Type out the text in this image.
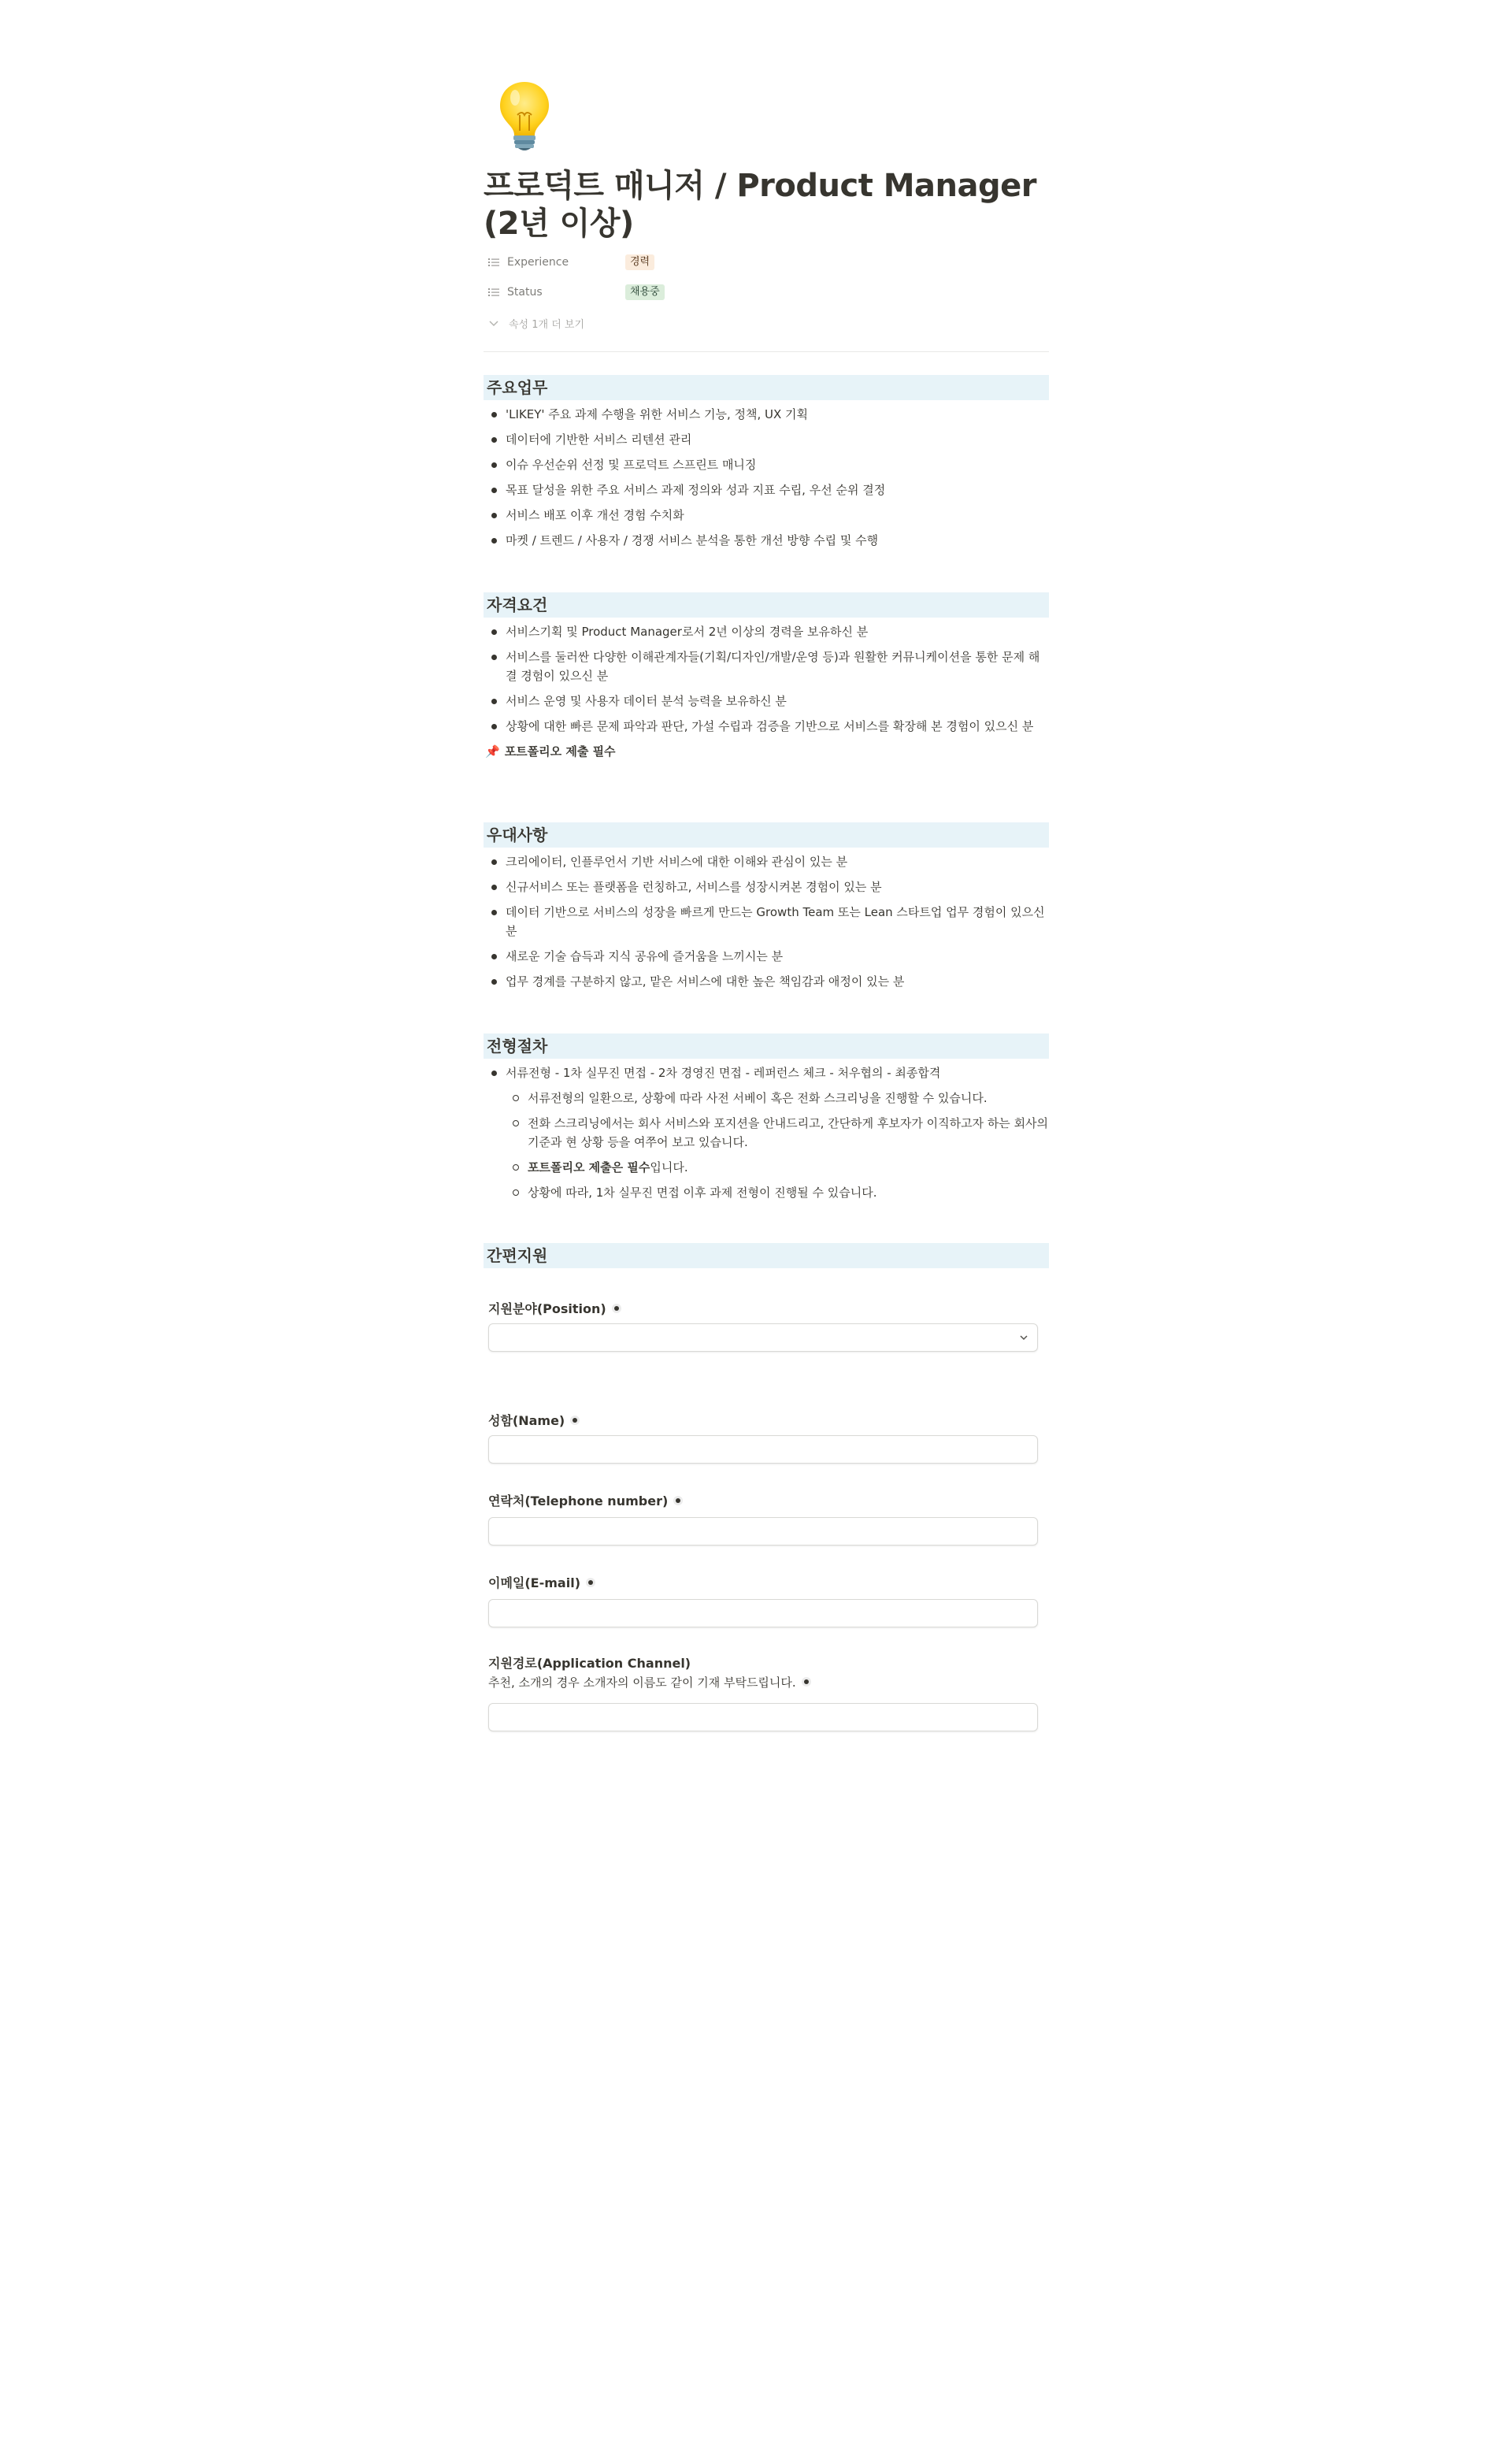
프로덕트 매니저 / Product Manager (2년 이상)
Experience	경력
Status	채용중
속성 1개 더 보기
주요업무
'LIKEY' 주요 과제 수행을 위한 서비스 기능, 정책, UX 기획
데이터에 기반한 서비스 리텐션 관리
이슈 우선순위 선정 및 프로덕트 스프린트 매니징
목표 달성을 위한 주요 서비스 과제 정의와 성과 지표 수립, 우선 순위 결정
서비스 배포 이후 개선 경험 수치화
마켓 / 트렌드 / 사용자 / 경쟁 서비스 분석을 통한 개선 방향 수립 및 수행
자격요건
서비스기획 및 Product Manager로서 2년 이상의 경력을 보유하신 분
서비스를 둘러싼 다양한 이해관계자들(기획/디자인/개발/운영 등)과 원활한 커뮤니케이션을 통한 문제 해결 경험이 있으신 분
서비스 운영 및 사용자 데이터 분석 능력을 보유하신 분
상황에 대한 빠른 문제 파악과 판단, 가설 수립과 검증을 기반으로 서비스를 확장해 본 경험이 있으신 분
📌 포트폴리오 제출 필수
우대사항
크리에이터, 인플루언서 기반 서비스에 대한 이해와 관심이 있는 분
신규서비스 또는 플랫폼을 런칭하고, 서비스를 성장시켜본 경험이 있는 분
데이터 기반으로 서비스의 성장을 빠르게 만드는 Growth Team 또는 Lean 스타트업 업무 경험이 있으신 분
새로운 기술 습득과 지식 공유에 즐거움을 느끼시는 분
업무 경계를 구분하지 않고, 맡은 서비스에 대한 높은 책임감과 애정이 있는 분
전형절차
서류전형 - 1차 실무진 면접 - 2차 경영진 면접 - 레퍼런스 체크 - 처우협의 - 최종합격
서류전형의 일환으로, 상황에 따라 사전 서베이 혹은 전화 스크리닝을 진행할 수 있습니다.
전화 스크리닝에서는 회사 서비스와 포지션을 안내드리고, 간단하게 후보자가 이직하고자 하는 회사의 기준과 현 상황 등을 여쭈어 보고 있습니다.
포트폴리오 제출은 필수입니다.
상황에 따라, 1차 실무진 면접 이후 과제 전형이 진행될 수 있습니다.
간편지원
지원분야(Position)
성함(Name)
연락처(Telephone number)
이메일(E-mail)
지원경로(Application Channel)
추천, 소개의 경우 소개자의 이름도 같이 기재 부탁드립니다.
